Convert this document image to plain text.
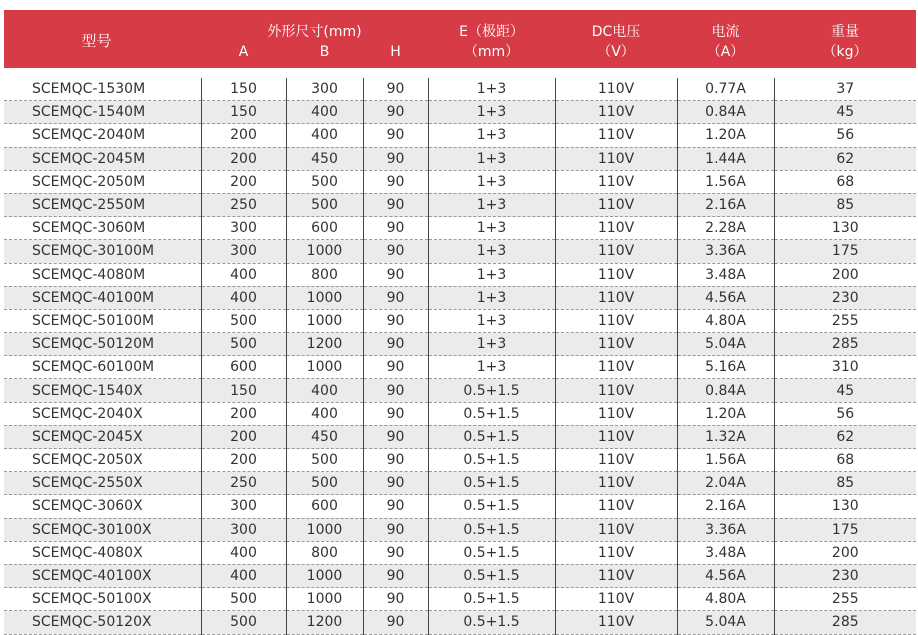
型号	外形尺寸(mm)			E（极距）	DC电压	电流	重量
	A	B	H	（mm）	（V）	（A）	（kg）

SCEMQC-1530M	150	300	90	1+3	110V	0.77A	37
SCEMQC-1540M	150	400	90	1+3	110V	0.84A	45
SCEMQC-2040M	200	400	90	1+3	110V	1.20A	56
SCEMQC-2045M	200	450	90	1+3	110V	1.44A	62
SCEMQC-2050M	200	500	90	1+3	110V	1.56A	68
SCEMQC-2550M	250	500	90	1+3	110V	2.16A	85
SCEMQC-3060M	300	600	90	1+3	110V	2.28A	130
SCEMQC-30100M	300	1000	90	1+3	110V	3.36A	175
SCEMQC-4080M	400	800	90	1+3	110V	3.48A	200
SCEMQC-40100M	400	1000	90	1+3	110V	4.56A	230
SCEMQC-50100M	500	1000	90	1+3	110V	4.80A	255
SCEMQC-50120M	500	1200	90	1+3	110V	5.04A	285
SCEMQC-60100M	600	1000	90	1+3	110V	5.16A	310
SCEMQC-1540X	150	400	90	0.5+1.5	110V	0.84A	45
SCEMQC-2040X	200	400	90	0.5+1.5	110V	1.20A	56
SCEMQC-2045X	200	450	90	0.5+1.5	110V	1.32A	62
SCEMQC-2050X	200	500	90	0.5+1.5	110V	1.56A	68
SCEMQC-2550X	250	500	90	0.5+1.5	110V	2.04A	85
SCEMQC-3060X	300	600	90	0.5+1.5	110V	2.16A	130
SCEMQC-30100X	300	1000	90	0.5+1.5	110V	3.36A	175
SCEMQC-4080X	400	800	90	0.5+1.5	110V	3.48A	200
SCEMQC-40100X	400	1000	90	0.5+1.5	110V	4.56A	230
SCEMQC-50100X	500	1000	90	0.5+1.5	110V	4.80A	255
SCEMQC-50120X	500	1200	90	0.5+1.5	110V	5.04A	285
